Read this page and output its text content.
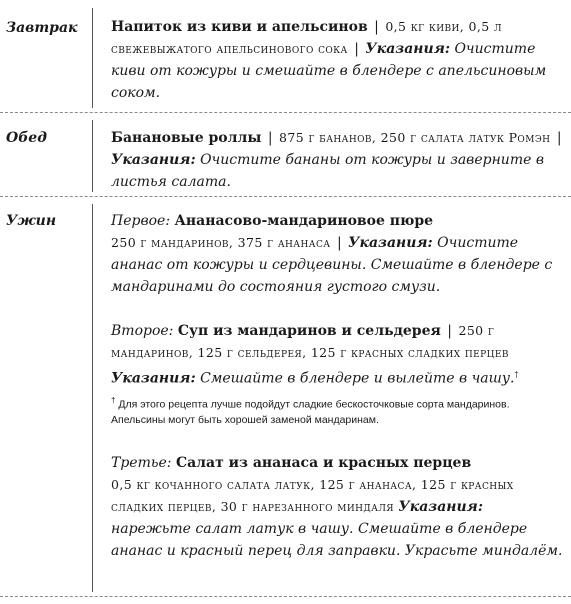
Завтрак Напиток из киви и апельсинов | 0,5 кг киви, 0,5 л свежевыжатого апельсинового сока | Указания: Очистите киви от кожуры и смешайте в блендере с апельсиновым соком.
Обед	Банановые роллы | 875 г бананов, 250 г салата латук Ромэн | Указания: Очистите бананы от кожуры и заверните в листья салата.
Ужин	Первое: Ананасово-мандариновое пюре
250 г мандаринов, 375 г ананаса | Указания: Очистите ананас от кожуры и сердцевины. Смешайте в блендере с мандаринами до состояния густого смузи.
Второе: Суп из мандаринов и сельдерея | 250 г мандаринов, 125 г сельдерея, 125 г красных сладких перцев Указания: Смешайте в блендере и вылейте в чашу.†
† Для этого рецепта лучше подойдут сладкие бескосточковые сорта мандаринов. Апельсины могут быть хорошей заменой мандаринам.
Третье: Салат из ананаса и красных перцев
0,5 кг кочанного салата латук, 125 г ананаса, 125 г красных сладких перцев, 30 г нарезанного миндаля Указания: нарежьте салат латук в чашу. Смешайте в блендере ананас и красный перец для заправки. Украсьте миндалём.
